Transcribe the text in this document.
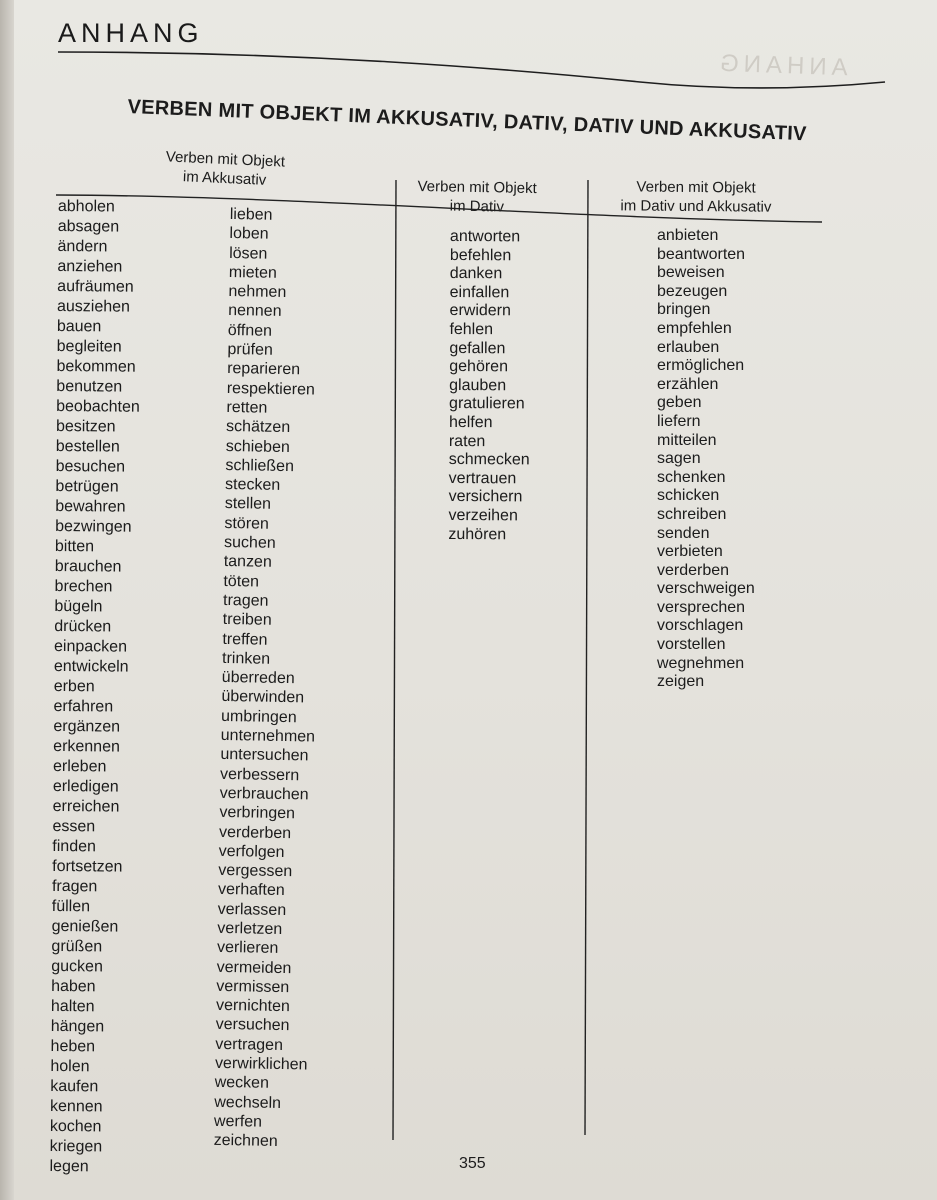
ANHANG
ANHANG
VERBEN MIT OBJEKT IM AKKUSATIV, DATIV, DATIV UND AKKUSATIV
Verben mit Objekt
im Akkusativ	Verben mit Objekt
im Dativ
Verben mit Objekt
im Dativ und Akkusativ
abholen
absagen
ändern
anziehen
aufräumen
ausziehen
bauen
begleiten
bekommen
benutzen
beobachten
besitzen
bestellen
besuchen
betrügen
bewahren
bezwingen
bitten
brauchen
brechen
bügeln
drücken
einpacken
entwickeln
erben
erfahren
ergänzen
erkennen
erleben
erledigen
erreichen
essen
finden
fortsetzen
fragen
füllen
genießen
grüßen
gucken
haben
halten
hängen
heben
holen
kaufen
kennen
kochen
kriegen
legen
lieben
loben
lösen
mieten
nehmen
nennen
öffnen
prüfen
reparieren
respektieren
retten
schätzen
schieben
schließen
stecken
stellen
stören
suchen
tanzen
töten
tragen
treiben
treffen
trinken
überreden
überwinden
umbringen
unternehmen
untersuchen
verbessern
verbrauchen
verbringen
verderben
verfolgen
vergessen
verhaften
verlassen
verletzen
verlieren
vermeiden
vermissen
vernichten
versuchen
vertragen
verwirklichen
wecken
wechseln
werfen
zeichnen
antworten
befehlen
danken
einfallen
erwidern
fehlen
gefallen
gehören
glauben
gratulieren
helfen
raten
schmecken
vertrauen
versichern
verzeihen
zuhören
anbieten
beantworten
beweisen
bezeugen
bringen
empfehlen
erlauben
ermöglichen
erzählen
geben
liefern
mitteilen
sagen
schenken
schicken
schreiben
senden
verbieten
verderben
verschweigen
versprechen
vorschlagen
vorstellen
wegnehmen
zeigen
355
